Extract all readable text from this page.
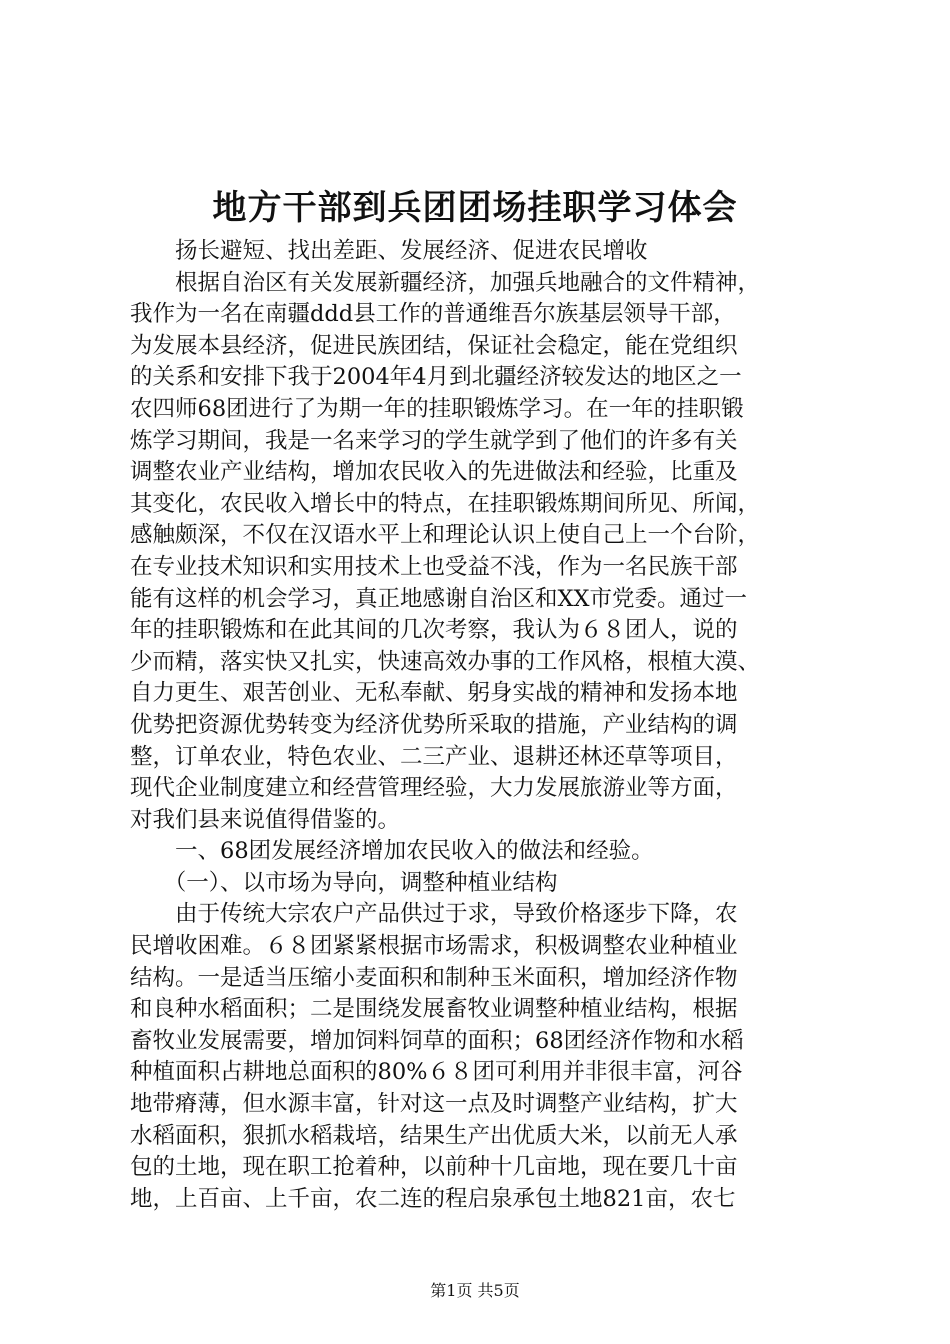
地方干部到兵团团场挂职学习体会
　　扬长避短、找出差距、发展经济、促进农民增收
　　根据自治区有关发展新疆经济，加强兵地融合的文件精神，
我作为一名在南疆ddd县工作的普通维吾尔族基层领导干部，
为发展本县经济，促进民族团结，保证社会稳定，能在党组织
的关系和安排下我于2004年4月到北疆经济较发达的地区之一
农四师68团进行了为期一年的挂职锻炼学习。在一年的挂职锻
炼学习期间，我是一名来学习的学生就学到了他们的许多有关
调整农业产业结构，增加农民收入的先进做法和经验，比重及
其变化，农民收入增长中的特点，在挂职锻炼期间所见、所闻，
感触颇深，不仅在汉语水平上和理论认识上使自己上一个台阶，
在专业技术知识和实用技术上也受益不浅，作为一名民族干部
能有这样的机会学习，真正地感谢自治区和XX市党委。通过一
年的挂职锻炼和在此其间的几次考察，我认为６８团人，说的
少而精，落实快又扎实，快速高效办事的工作风格，根植大漠、
自力更生、艰苦创业、无私奉献、躬身实战的精神和发扬本地
优势把资源优势转变为经济优势所采取的措施，产业结构的调
整，订单农业，特色农业、二三产业、退耕还林还草等项目，
现代企业制度建立和经营管理经验，大力发展旅游业等方面，
对我们县来说值得借鉴的。
　　一、68团发展经济增加农民收入的做法和经验。
　　（一）、以市场为导向，调整种植业结构
　　由于传统大宗农户产品供过于求，导致价格逐步下降，农
民增收困难。６８团紧紧根据市场需求，积极调整农业种植业
结构。一是适当压缩小麦面积和制种玉米面积，增加经济作物
和良种水稻面积；二是围绕发展畜牧业调整种植业结构，根据
畜牧业发展需要，增加饲料饲草的面积；68团经济作物和水稻
种植面积占耕地总面积的80%６８团可利用并非很丰富，河谷
地带瘠薄，但水源丰富，针对这一点及时调整产业结构，扩大
水稻面积，狠抓水稻栽培，结果生产出优质大米，以前无人承
包的土地，现在职工抢着种，以前种十几亩地，现在要几十亩
地，上百亩、上千亩，农二连的程启泉承包土地821亩，农七
第1页 共5页
